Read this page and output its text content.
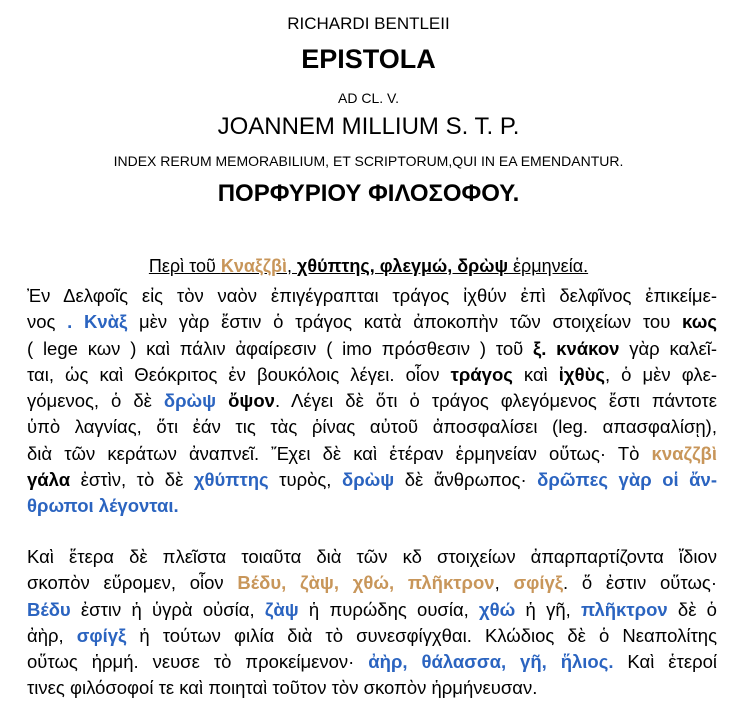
RICHARDI BENTLEII
EPISTOLA
AD CL. V.
JOANNEM MILLIUM S. T. P.
INDEX RERUM MEMORABILIUM, ET SCRIPTORUM,QUI IN EA EMENDANTUR.
ΠΟΡΦΥΡΙΟΥ ΦΙΛΟΣΟΦΟΥ.
Περὶ τοῦ Κναξζβὶ, χθύπτης, φλεγμώ, δρὼψ ἑρμηνεία.
Ἐν Δελφοῖς εἰς τὸν ναὸν ἐπιγέγραπται τράγος ἰχθύν ἐπὶ δελφῖνος ἐπικείμε-
νος . Κνὰξ μὲν γὰρ ἔστιν ὁ τράγος κατὰ ἀποκοπὴν τῶν στοιχείων του κως
( lege κων ) καὶ πάλιν ἀφαίρεσιν ( imo πρόσθεσιν ) τοῦ ξ. κνάκον γὰρ καλεῖ-
ται, ὡς καὶ Θεόκριτος ἐν βουκόλοις λέγει. οἷον τράγος καὶ ἰχθὺς, ὁ μὲν φλε-
γόμενος, ὁ δὲ δρὼψ ὄψον. Λέγει δὲ ὅτι ὁ τράγος φλεγόμενος ἔστι πάντοτε
ὑπὸ λαγνίας, ὅτι ἐάν τις τὰς ῥίνας αὐτοῦ ἀποσφαλίσει (leg. απασφαλίσῃ),
διὰ τῶν κεράτων ἀναπνεῖ. Ἔχει δὲ καὶ ἑτέραν ἑρμηνείαν οὕτως· Τὸ κναζζβὶ
γάλα ἐστὶν, τὸ δὲ χθύπτης τυρὸς, δρὼψ δὲ ἄνθρωπος· δρῶπες γὰρ οἱ ἄν-
θρωποι λέγονται.
Καὶ ἕτερα δὲ πλεῖστα τοιαῦτα διὰ τῶν κδ στοιχείων ἀπαρπαρτίζοντα ἴδιον
σκοπὸν εὕρομεν, οἷον Βέδυ, ζὰψ, χθώ, πλῆκτρον, σφίγξ. ὅ ἐστιν οὕτως·
Βέδυ ἐστιν ἡ ὑγρὰ οὐσία, ζὰψ ἡ πυρώδης ουσία, χθώ ἡ γῆ, πλῆκτρον δὲ ὁ
ἀὴρ, σφίγξ ἡ τούτων φιλία διὰ τὸ συνεσφίγχθαι. Κλώδιος δὲ ὁ Νεαπολίτης
οὕτως ἡρμή. νευσε τὸ προκείμενον· ἀὴρ, θάλασσα, γῆ, ἥλιος. Καὶ ἑτεροί
τινες φιλόσοφοί τε καὶ ποιηταὶ τοῦτον τὸν σκοπὸν ἡρμήνευσαν.
